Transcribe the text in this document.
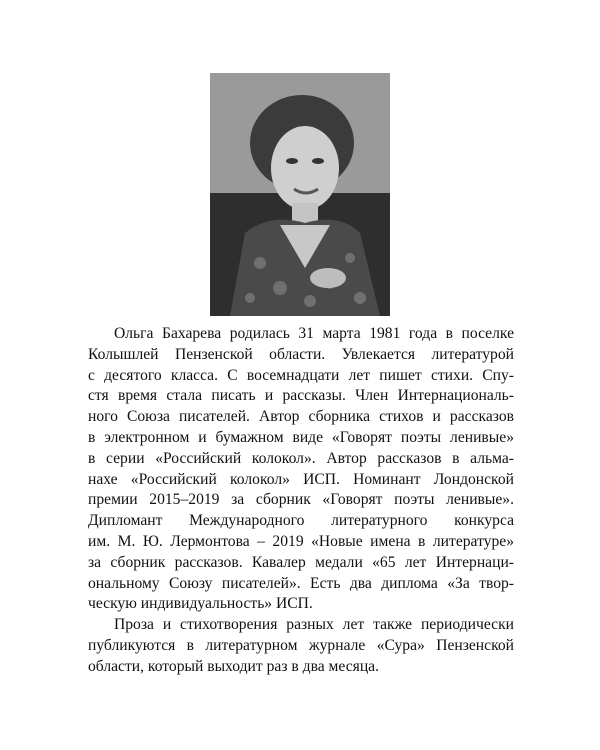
Ольга Бахарева родилась 31 марта 1981 года в поселке
Колышлей Пензенской области. Увлекается литературой
с десятого класса. С восемнадцати лет пишет стихи. Спу-
стя время стала писать и рассказы. Член Интернациональ-
ного Союза писателей. Автор сборника стихов и рассказов
в электронном и бумажном виде «Говорят поэты ленивые»
в серии «Российский колокол». Автор рассказов в альма-
нахе «Российский колокол» ИСП. Номинант Лондонской
премии 2015–2019 за сборник «Говорят поэты ленивые».
Дипломант Международного литературного конкурса
им. М. Ю. Лермонтова – 2019 «Новые имена в литературе»
за сборник рассказов. Кавалер медали «65 лет Интернаци-
ональному Союзу писателей». Есть два диплома «За твор-
ческую индивидуальность» ИСП.

Проза и стихотворения разных лет также периодически
публикуются в литературном журнале «Сура» Пензенской
области, который выходит раз в два месяца.
